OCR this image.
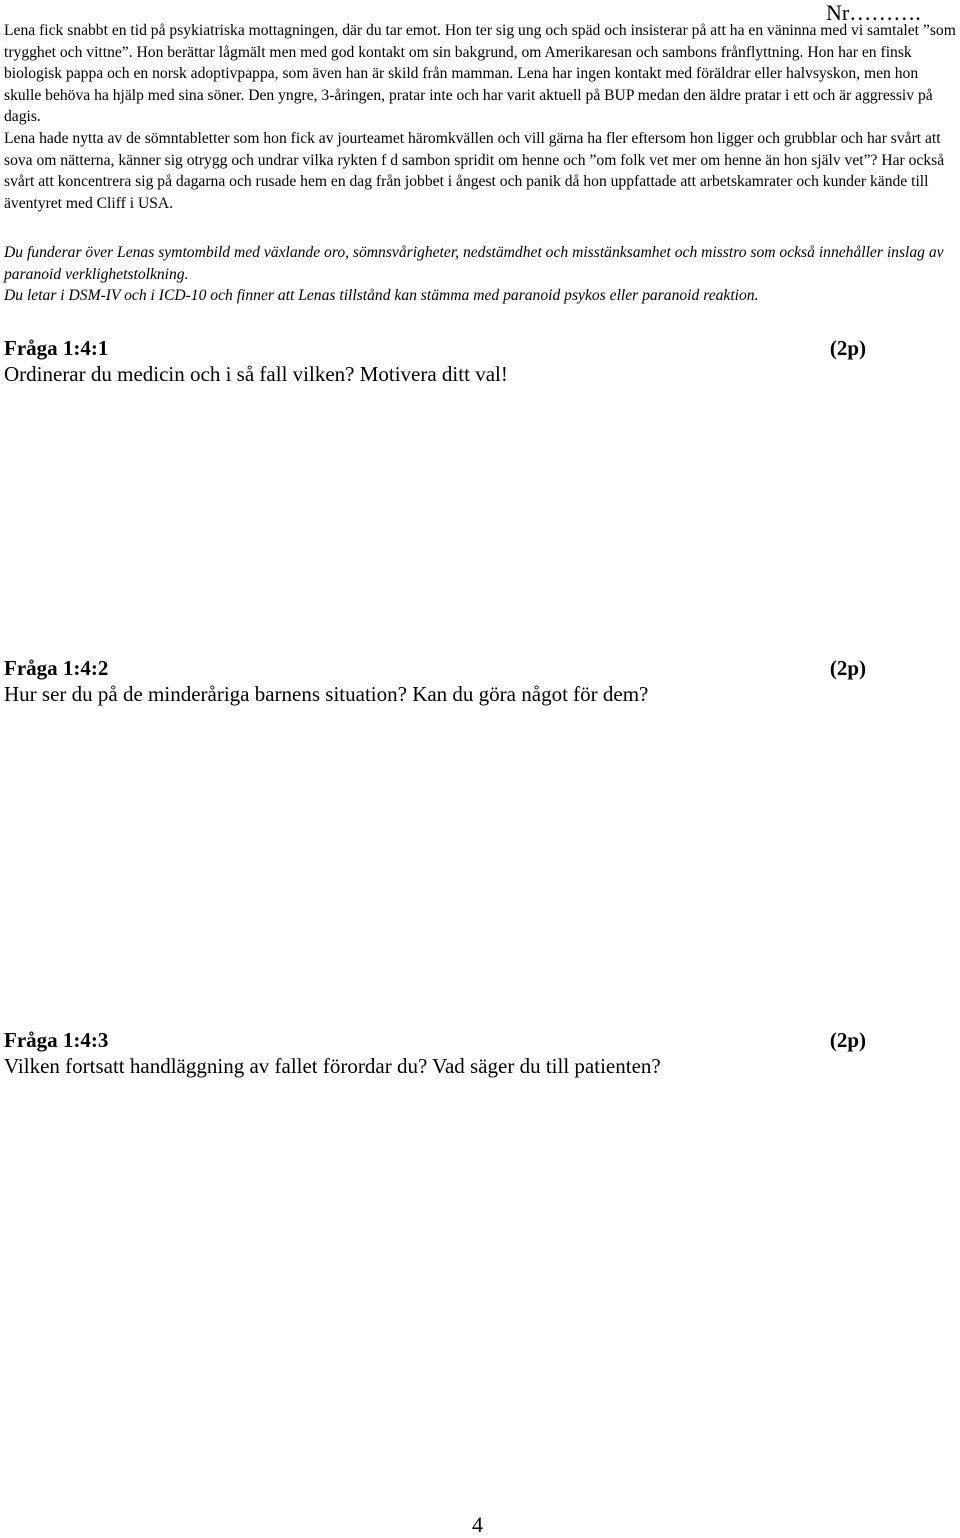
Nr……….

Lena fick snabbt en tid på psykiatriska mottagningen, där du tar emot. Hon ter sig ung och späd och insisterar på att ha en väninna med vi samtalet ”som trygghet och vittne”. Hon berättar lågmält men med god kontakt om sin bakgrund, om Amerikaresan och sambons frånflyttning. Hon har en finsk biologisk pappa och en norsk adoptivpappa, som även han är skild från mamman. Lena har ingen kontakt med föräldrar eller halvsyskon, men hon skulle behöva ha hjälp med sina söner. Den yngre, 3-åringen, pratar inte och har varit aktuell på BUP medan den äldre pratar i ett och är aggressiv på dagis.

Lena hade nytta av de sömntabletter som hon fick av jourteamet häromkvällen och vill gärna ha fler eftersom hon ligger och grubblar och har svårt att sova om nätterna, känner sig otrygg och undrar vilka rykten f d sambon spridit om henne och ”om folk vet mer om henne än hon själv vet”? Har också svårt att koncentrera sig på dagarna och rusade hem en dag från jobbet i ångest och panik då hon uppfattade att arbetskamrater och kunder kände till äventyret med Cliff i USA.

Du funderar över Lenas symtombild med växlande oro, sömnsvårigheter, nedstämdhet och misstänksamhet och misstro som också innehåller inslag av paranoid verklighetstolkning.

Du letar i DSM-IV och i ICD-10 och finner att Lenas tillstånd kan stämma med paranoid psykos eller paranoid reaktion.

Fråga 1:4:1	(2p)
Ordinerar du medicin och i så fall vilken? Motivera ditt val!
Fråga 1:4:2	(2p)
Hur ser du på de minderåriga barnens situation? Kan du göra något för dem?
Fråga 1:4:3	(2p)
Vilken fortsatt handläggning av fallet förordar du? Vad säger du till patienten?
4
